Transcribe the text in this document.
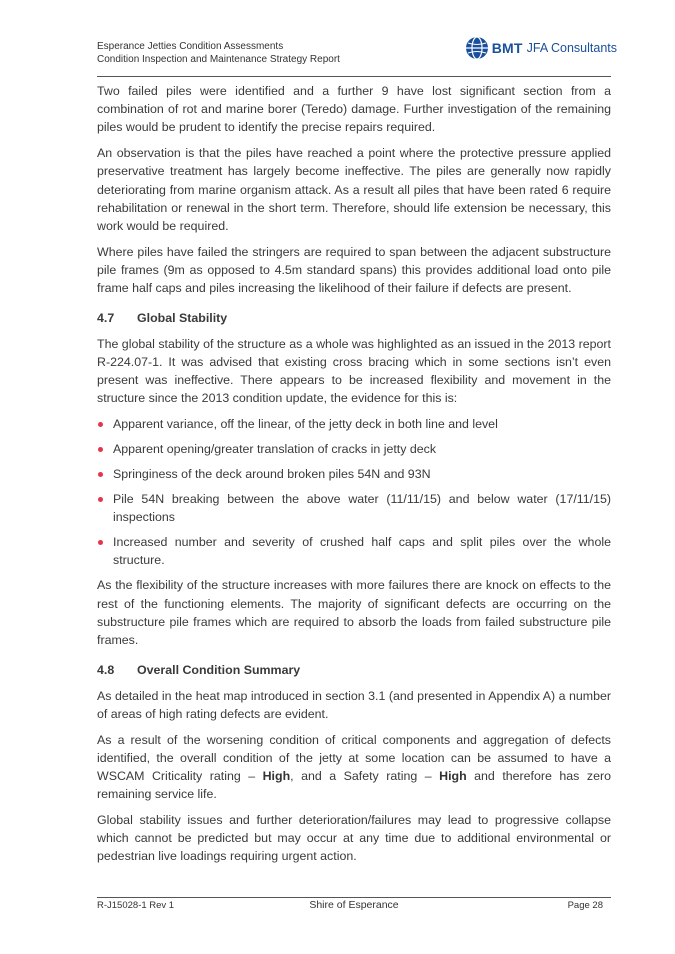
Esperance Jetties Condition Assessments
Condition Inspection and Maintenance Strategy Report
BMT JFA Consultants

Two failed piles were identified and a further 9 have lost significant section from a combination of rot and marine borer (Teredo) damage. Further investigation of the remaining piles would be prudent to identify the precise repairs required.

An observation is that the piles have reached a point where the protective pressure applied preservative treatment has largely become ineffective. The piles are generally now rapidly deteriorating from marine organism attack. As a result all piles that have been rated 6 require rehabilitation or renewal in the short term. Therefore, should life extension be necessary, this work would be required.

Where piles have failed the stringers are required to span between the adjacent substructure pile frames (9m as opposed to 4.5m standard spans) this provides additional load onto pile frame half caps and piles increasing the likelihood of their failure if defects are present.

4.7 Global Stability

The global stability of the structure as a whole was highlighted as an issued in the 2013 report R-224.07-1. It was advised that existing cross bracing which in some sections isn’t even present was ineffective. There appears to be increased flexibility and movement in the structure since the 2013 condition update, the evidence for this is:

Apparent variance, off the linear, of the jetty deck in both line and level
Apparent opening/greater translation of cracks in jetty deck
Springiness of the deck around broken piles 54N and 93N
Pile 54N breaking between the above water (11/11/15) and below water (17/11/15) inspections
Increased number and severity of crushed half caps and split piles over the whole structure.

As the flexibility of the structure increases with more failures there are knock on effects to the rest of the functioning elements. The majority of significant defects are occurring on the substructure pile frames which are required to absorb the loads from failed substructure pile frames.

4.8 Overall Condition Summary

As detailed in the heat map introduced in section 3.1 (and presented in Appendix A) a number of areas of high rating defects are evident.

As a result of the worsening condition of critical components and aggregation of defects identified, the overall condition of the jetty at some location can be assumed to have a WSCAM Criticality rating – High, and a Safety rating – High and therefore has zero remaining service life.

Global stability issues and further deterioration/failures may lead to progressive collapse which cannot be predicted but may occur at any time due to additional environmental or pedestrian live loadings requiring urgent action.

R-J15028-1 Rev 1	Shire of Esperance	Page 28
